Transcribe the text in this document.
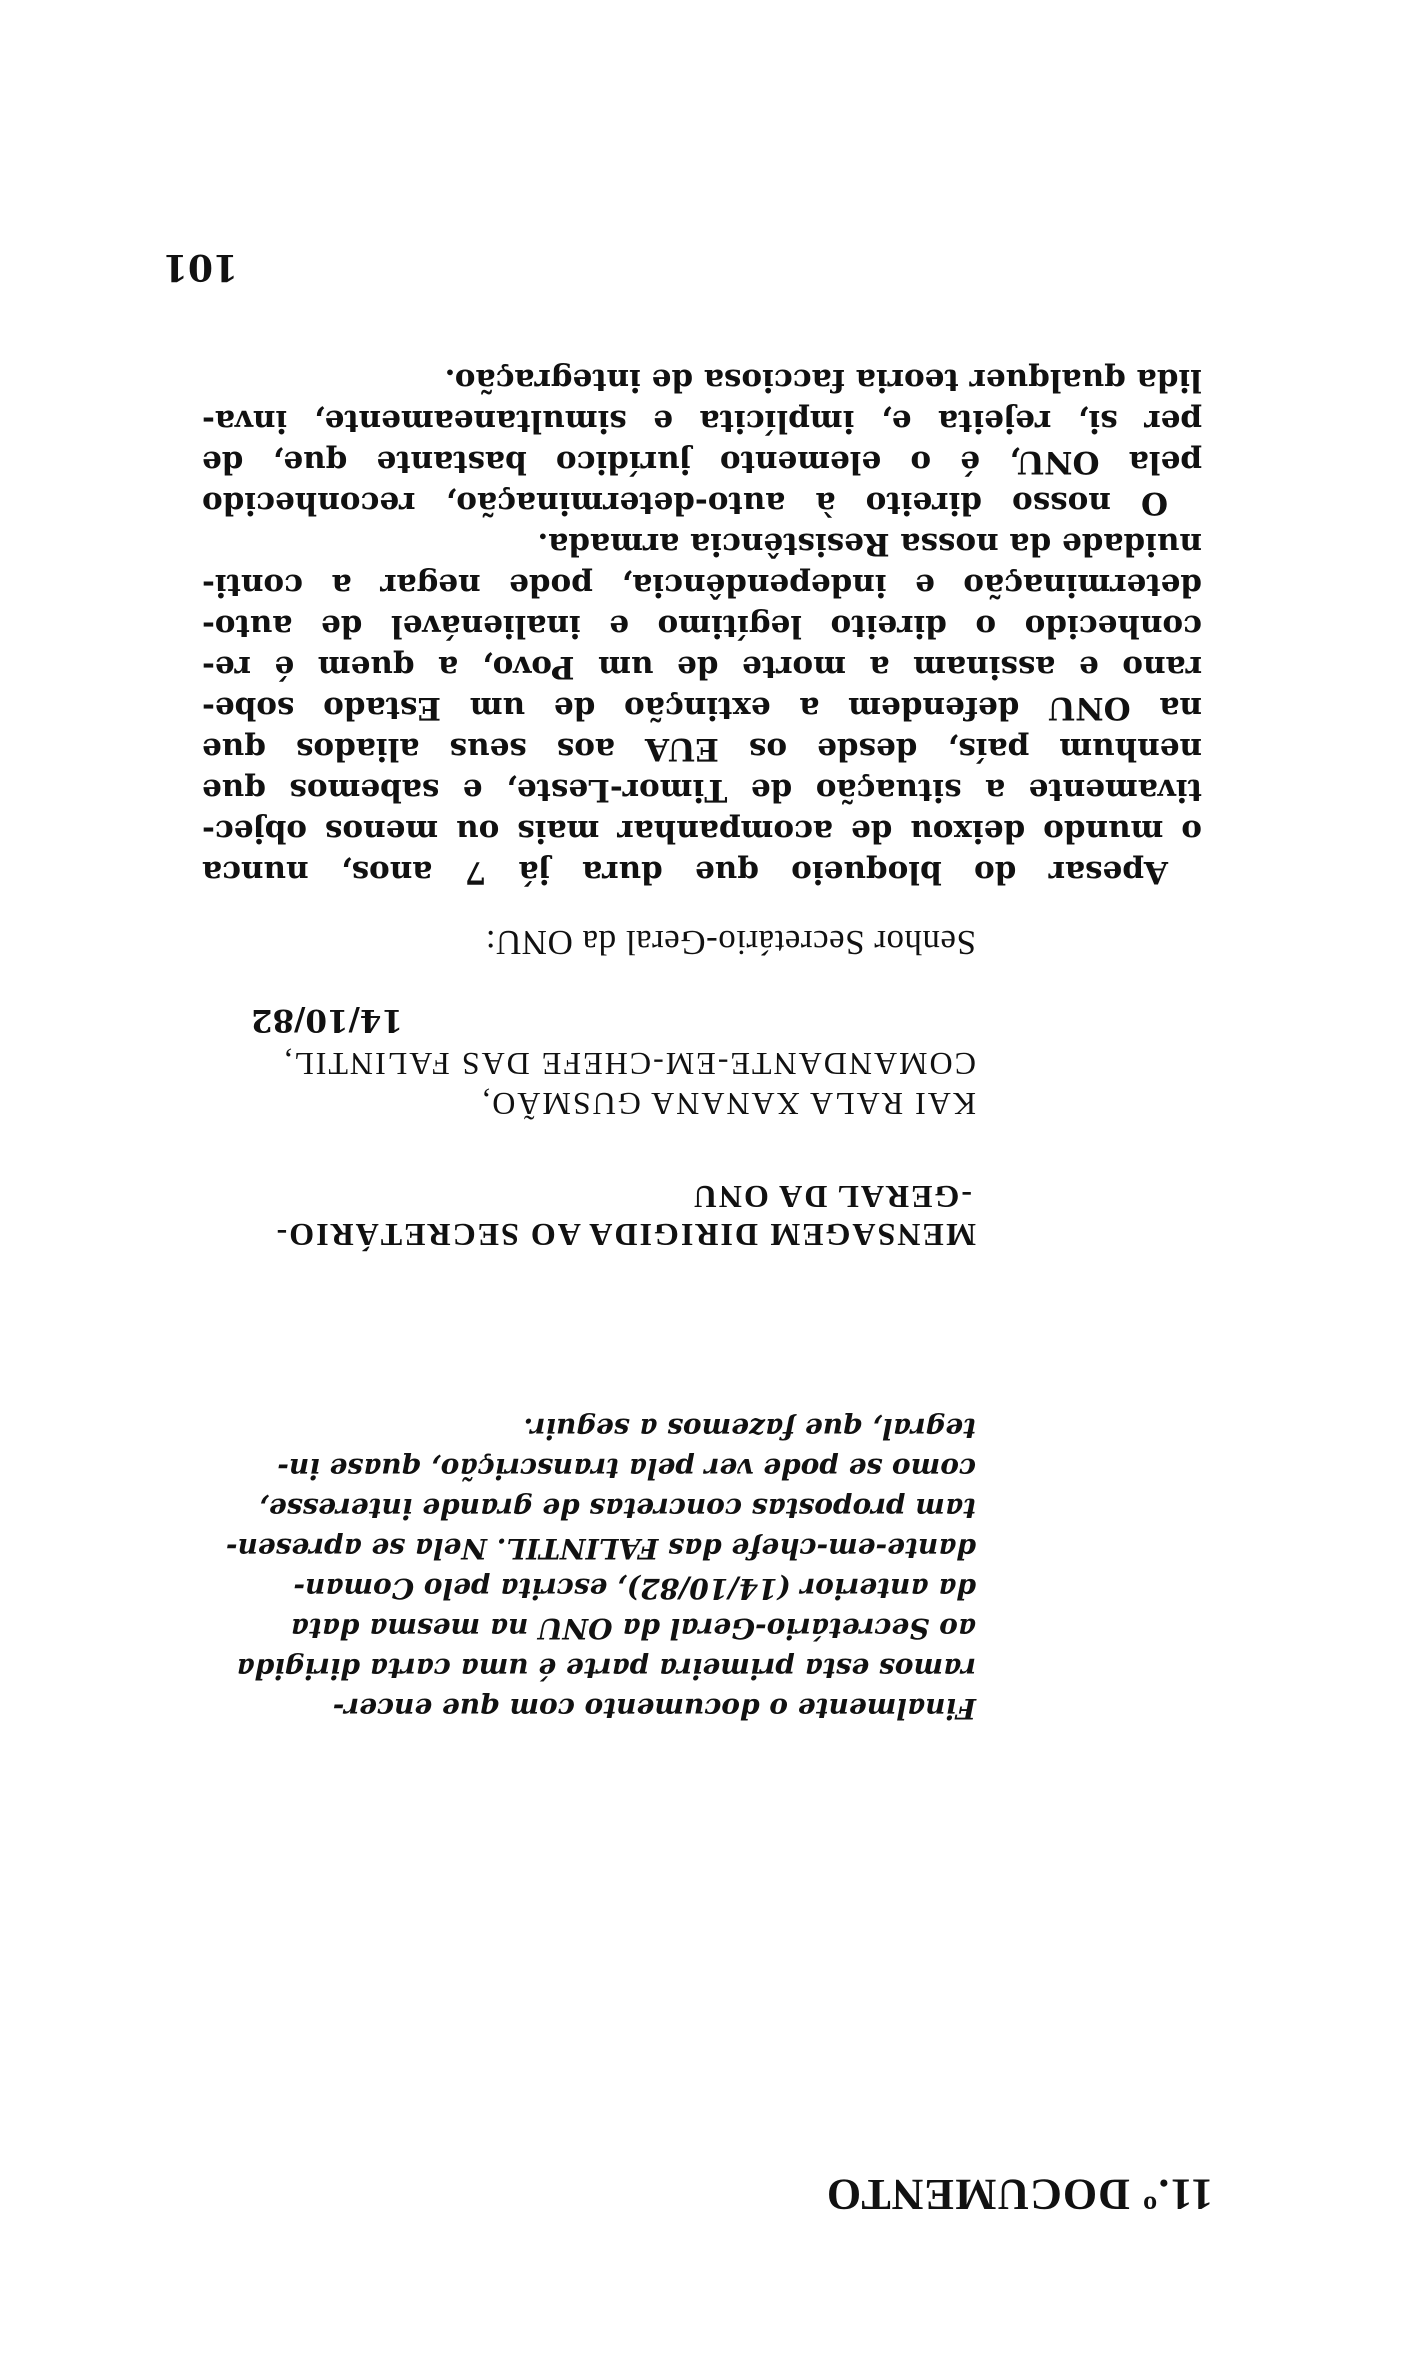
11.º DOCUMENTO

Finalmente o documento com que encer-
ramos esta primeira parte é uma carta dirigida
ao Secretário-Geral da ONU na mesma data
da anterior (14/10/82), escrita pelo Coman-
dante-em-chefe das FALINTIL. Nela se apresen-
tam propostas concretas de grande interesse,
como se pode ver pela transcrição, quase in-
tegral, que fazemos a seguir.

MENSAGEM DIRIGIDA AO SECRETÁRIO-
-GERAL DA ONU

KAI RALA XANANA GUSMÃO,
COMANDANTE-EM-CHEFE DAS FALINTIL,

14/10/82

Senhor Secretário-Geral da ONU:

Apesar do bloqueio que dura já 7 anos, nunca
o mundo deixou de acompanhar mais ou menos objec-
tivamente a situação de Timor-Leste, e sabemos que
nenhum país, desde os EUA aos seus aliados que
na ONU defendem a extinção de um Estado sobe-
rano e assinam a morte de um Povo, a quem é re-
conhecido o direito legítimo e inalienável de auto-
determinação e independência, pode negar a conti-
nuidade da nossa Resistência armada.
O nosso direito à auto-determinação, reconhecido
pela ONU, é o elemento jurídico bastante que, de
per si, rejeita e, implícita e simultaneamente, inva-
lida qualquer teoria facciosa de integração.

101
